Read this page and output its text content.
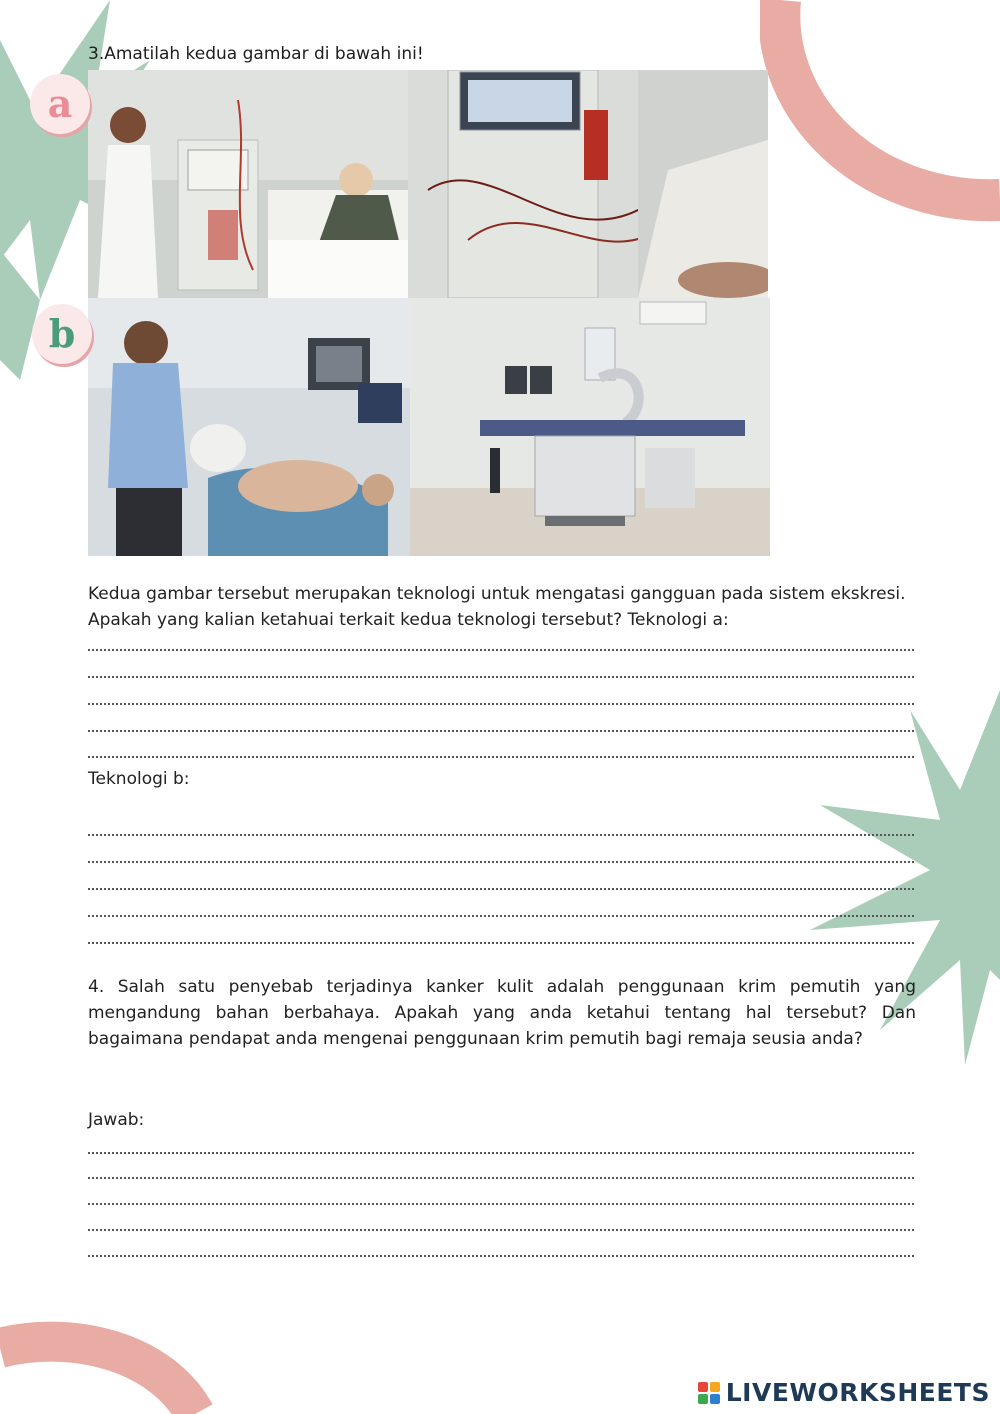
3.Amatilah kedua gambar di bawah ini!
a
b
Kedua gambar tersebut merupakan teknologi untuk mengatasi gangguan pada sistem ekskresi. Apakah yang kalian ketahuai terkait kedua teknologi tersebut? Teknologi a:
Teknologi b:
4. Salah satu penyebab terjadinya kanker kulit adalah penggunaan krim pemutih yang mengandung bahan berbahaya. Apakah yang anda ketahui tentang hal tersebut? Dan bagaimana pendapat anda mengenai penggunaan krim pemutih bagi remaja seusia anda?
Jawab:
LIVEWORKSHEETS
